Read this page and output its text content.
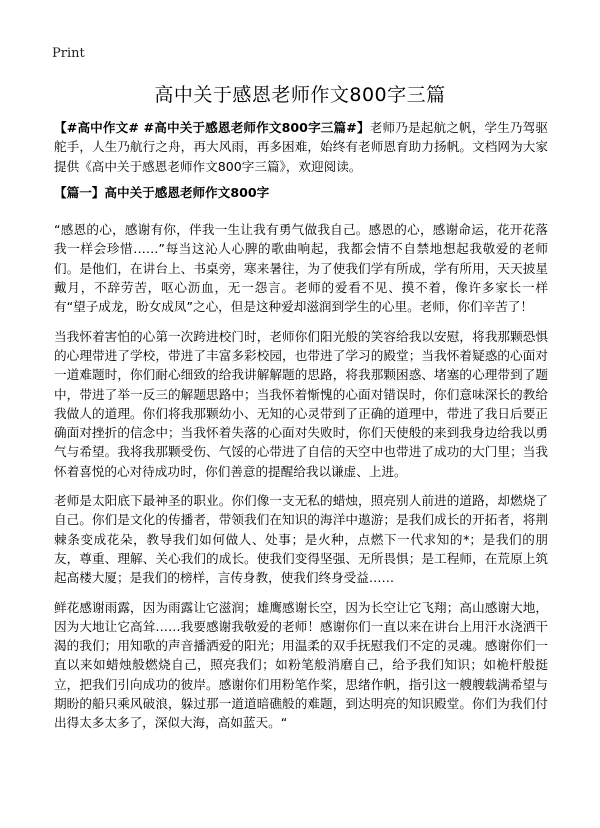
Print
高中关于感恩老师作文800字三篇

【#高中作文# #高中关于感恩老师作文800字三篇#】老师乃是起航之帆，学生乃驾驱舵手，人生乃航行之舟，再大风雨，再多困难，始终有老师恩育助力扬帆。文档网为大家提供《高中关于感恩老师作文800字三篇》，欢迎阅读。

【篇一】高中关于感恩老师作文800字

“感恩的心，感谢有你，伴我一生让我有勇气做我自己。感恩的心，感谢命运，花开花落我一样会珍惜……”每当这沁人心脾的歌曲响起，我都会情不自禁地想起我敬爱的老师们。是他们，在讲台上、书桌旁，寒来暑往，为了使我们学有所成，学有所用，天天披星戴月，不辞劳苦，呕心沥血，无一怨言。老师的爱看不见、摸不着，像许多家长一样有“望子成龙，盼女成凤”之心，但是这种爱却滋润到学生的心里。老师，你们辛苦了！

当我怀着害怕的心第一次跨进校门时，老师你们阳光般的笑容给我以安慰，将我那颗恐惧的心理带进了学校，带进了丰富多彩校园，也带进了学习的殿堂；当我怀着疑惑的心面对一道难题时，你们耐心细致的给我讲解解题的思路，将我那颗困惑、堵塞的心理带到了题中，带进了举一反三的解题思路中；当我怀着惭愧的心面对错误时，你们意味深长的教给我做人的道理。你们将我那颗幼小、无知的心灵带到了正确的道理中，带进了我日后要正确面对挫折的信念中；当我怀着失落的心面对失败时，你们天使般的来到我身边给我以勇气与希望。我将我那颗受伤、气馁的心带进了自信的天空中也带进了成功的大门里；当我怀着喜悦的心对待成功时，你们善意的提醒给我以谦虚、上进。

老师是太阳底下最神圣的职业。你们像一支无私的蜡烛，照亮别人前进的道路，却燃烧了自己。你们是文化的传播者，带领我们在知识的海洋中遨游；是我们成长的开拓者，将荆棘条变成花朵，教导我们如何做人、处事；是火种，点燃下一代求知的*；是我们的朋友，尊重、理解、关心我们的成长。使我们变得坚强、无所畏惧；是工程师，在荒原上筑起高楼大厦；是我们的榜样，言传身教，使我们终身受益……

鲜花感谢雨露，因为雨露让它滋润；雄鹰感谢长空，因为长空让它飞翔；高山感谢大地，因为大地让它高耸……我要感谢我敬爱的老师！感谢你们一直以来在讲台上用汗水浇洒干渴的我们；用知歌的声音播洒爱的阳光；用温柔的双手抚慰我们不定的灵魂。感谢你们一直以来如蜡烛般燃烧自己，照亮我们；如粉笔般消磨自己，给予我们知识；如桅杆般挺立，把我们引向成功的彼岸。感谢你们用粉笔作桨，思绪作帆，指引这一艘艘载满希望与期盼的船只乘风破浪，躲过那一道道暗礁般的难题，到达明亮的知识殿堂。你们为我们付出得太多太多了，深似大海，高如蓝天。“
